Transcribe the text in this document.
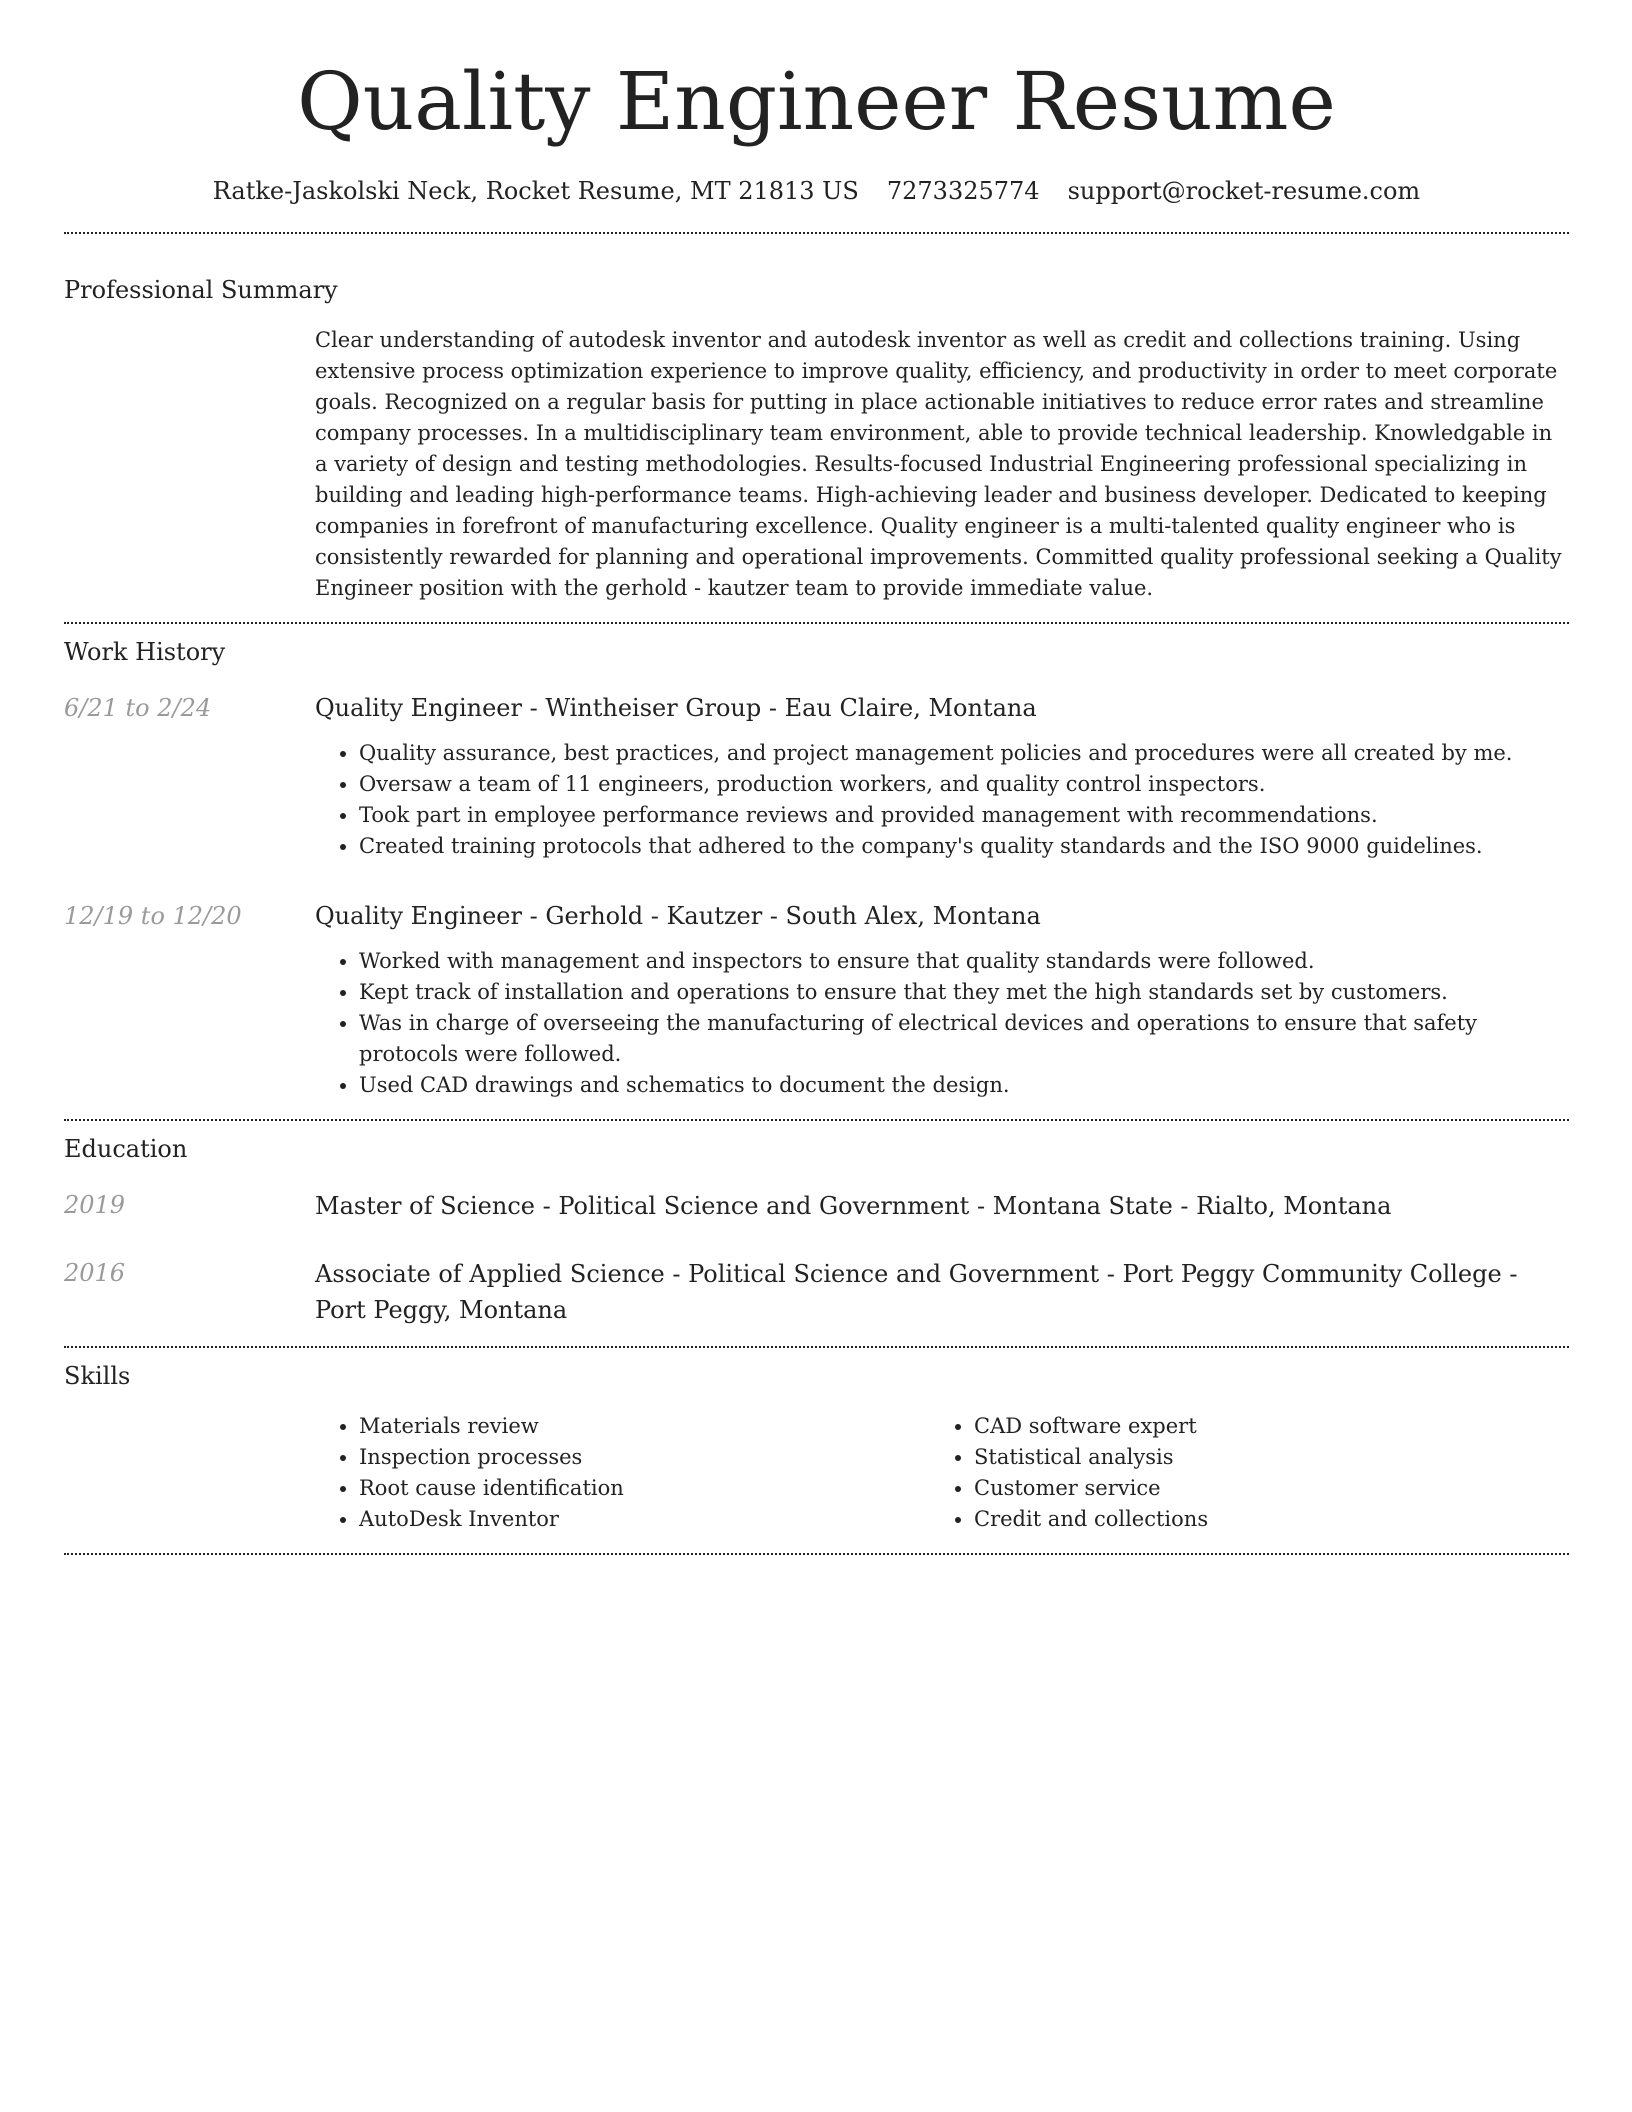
Quality Engineer Resume
Ratke-Jaskolski Neck, Rocket Resume, MT 21813 US 7273325774 support@rocket-resume.com
Professional Summary
Clear understanding of autodesk inventor and autodesk inventor as well as credit and collections training. Using extensive process optimization experience to improve quality, efficiency, and productivity in order to meet corporate goals. Recognized on a regular basis for putting in place actionable initiatives to reduce error rates and streamline company processes. In a multidisciplinary team environment, able to provide technical leadership. Knowledgable in a variety of design and testing methodologies. Results-focused Industrial Engineering professional specializing in building and leading high-performance teams. High-achieving leader and business developer. Dedicated to keeping companies in forefront of manufacturing excellence. Quality engineer is a multi-talented quality engineer who is consistently rewarded for planning and operational improvements. Committed quality professional seeking a Quality Engineer position with the gerhold - kautzer team to provide immediate value.
Work History
6/21 to 2/24	Quality Engineer - Wintheiser Group - Eau Claire, Montana
• Quality assurance, best practices, and project management policies and procedures were all created by me.
• Oversaw a team of 11 engineers, production workers, and quality control inspectors.
• Took part in employee performance reviews and provided management with recommendations.
• Created training protocols that adhered to the company's quality standards and the ISO 9000 guidelines.
12/19 to 12/20	Quality Engineer - Gerhold - Kautzer - South Alex, Montana
• Worked with management and inspectors to ensure that quality standards were followed.
• Kept track of installation and operations to ensure that they met the high standards set by customers.
• Was in charge of overseeing the manufacturing of electrical devices and operations to ensure that safety protocols were followed.
• Used CAD drawings and schematics to document the design.
Education
2019	Master of Science - Political Science and Government - Montana State - Rialto, Montana
2016	Associate of Applied Science - Political Science and Government - Port Peggy Community College - Port Peggy, Montana
Skills
• Materials review
• Inspection processes
• Root cause identification
• AutoDesk Inventor
• CAD software expert
• Statistical analysis
• Customer service
• Credit and collections
